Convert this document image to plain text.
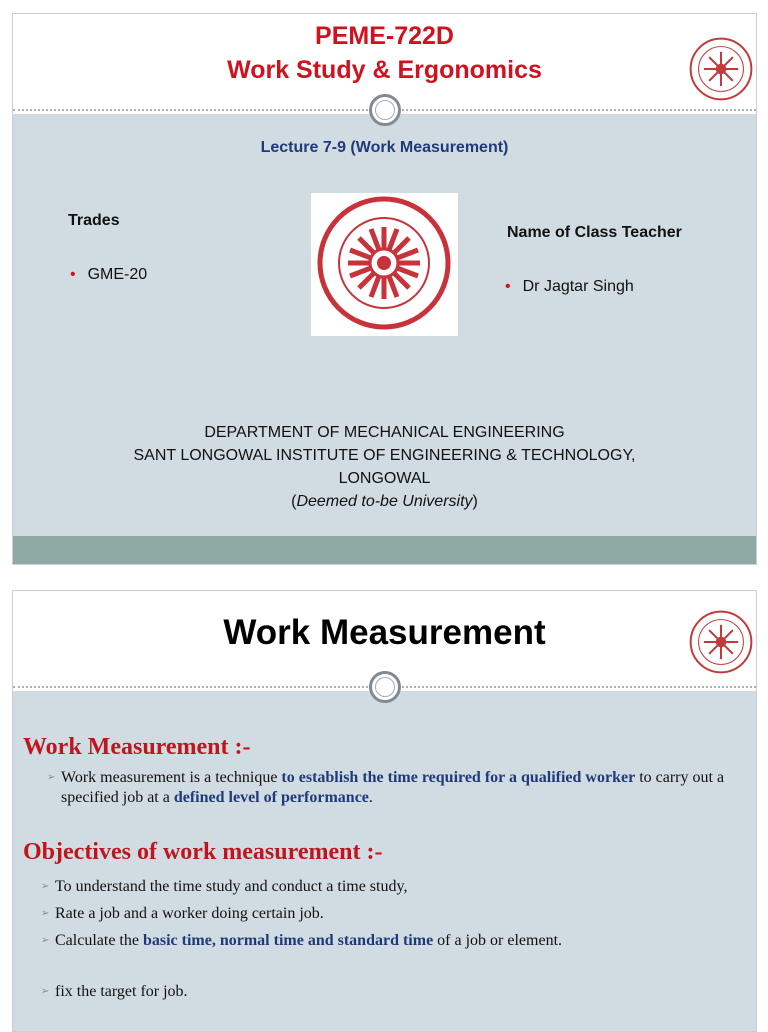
PEME-722D
Work Study & Ergonomics
Lecture 7-9 (Work Measurement)
Trades
• GME-20
Name of Class Teacher
• Dr Jagtar Singh
DEPARTMENT OF MECHANICAL ENGINEERING
SANT LONGOWAL INSTITUTE OF ENGINEERING & TECHNOLOGY,
LONGOWAL
(Deemed to-be University)
Work Measurement
Work Measurement :-
➢ Work measurement is a technique to establish the time required for a qualified worker to carry out a specified job at a defined level of performance.
Objectives of work measurement :-
➢ To understand the time study and conduct a time study,
➢ Rate a job and a worker doing certain job.
➢ Calculate the basic time, normal time and standard time of a job or element.
➢ fix the target for job.
